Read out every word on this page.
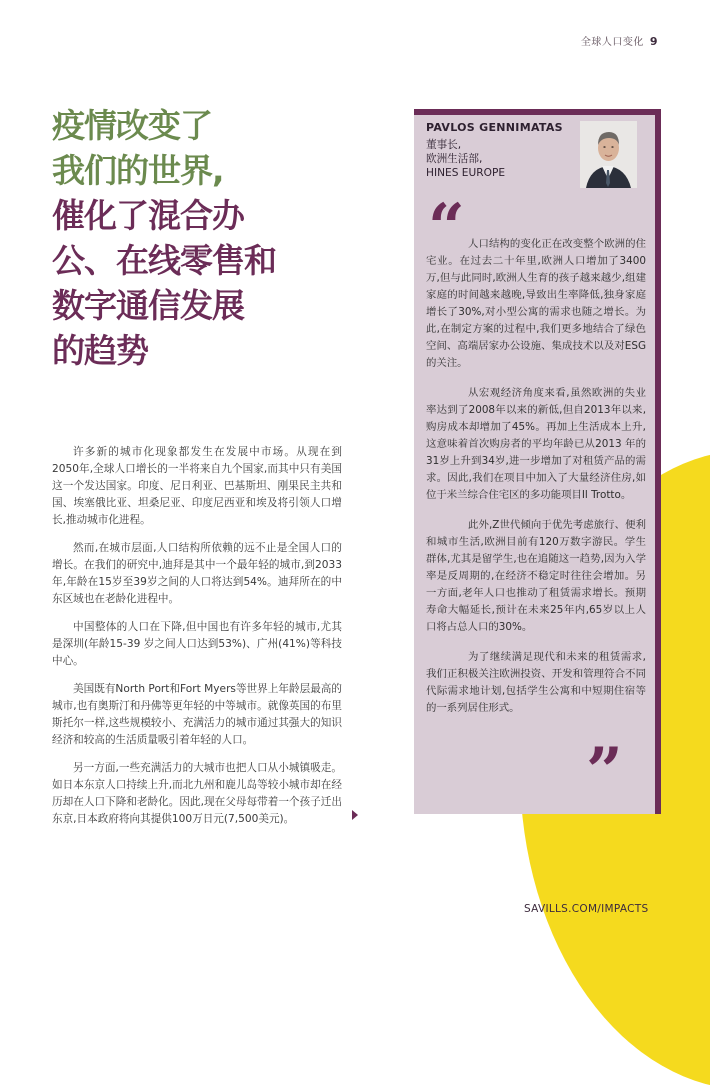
全球人口变化 9
疫情改变了
我们的世界,
催化了混合办
公、在线零售和
数字通信发展
的趋势

许多新的城市化现象都发生在发展中市场。从现在到2050年,全球人口增长的一半将来自九个国家,而其中只有美国这一个发达国家。印度、尼日利亚、巴基斯坦、刚果民主共和国、埃塞俄比亚、坦桑尼亚、印度尼西亚和埃及将引领人口增长,推动城市化进程。

然而,在城市层面,人口结构所依赖的远不止是全国人口的增长。在我们的研究中,迪拜是其中一个最年轻的城市,到2033年,年龄在15岁至39岁之间的人口将达到54%。迪拜所在的中东区域也在老龄化进程中。

中国整体的人口在下降,但中国也有许多年轻的城市,尤其是深圳(年龄15-39 岁之间人口达到53%)、广州(41%)等科技中心。

美国既有North Port和Fort Myers等世界上年龄层最高的城市,也有奥斯汀和丹佛等更年轻的中等城市。就像英国的布里斯托尔一样,这些规模较小、充满活力的城市通过其强大的知识经济和较高的生活质量吸引着年轻的人口。

另一方面,一些充满活力的大城市也把人口从小城镇吸走。如日本东京人口持续上升,而北九州和鹿儿岛等较小城市却在经历却在人口下降和老龄化。因此,现在父母每带着一个孩子迁出东京,日本政府将向其提供100万日元(7,500美元)。

PAVLOS GENNIMATAS
董事长,
欧洲生活部,
HINES EUROPE
“ 人口结构的变化正在改变整个欧洲的住宅业。在过去二十年里,欧洲人口增加了3400万,但与此同时,欧洲人生育的孩子越来越少,组建家庭的时间越来越晚,导致出生率降低,独身家庭增长了30%,对小型公寓的需求也随之增长。为此,在制定方案的过程中,我们更多地结合了绿色空间、高端居家办公设施、集成技术以及对ESG的关注。

从宏观经济角度来看,虽然欧洲的失业率达到了2008年以来的新低,但自2013年以来,购房成本却增加了45%。再加上生活成本上升,这意味着首次购房者的平均年龄已从2013 年的31岁上升到34岁,进一步增加了对租赁产品的需求。因此,我们在项目中加入了大量经济住房,如位于米兰综合住宅区的多功能项目Il Trotto。

此外,Z世代倾向于优先考虑旅行、便利和城市生活,欧洲目前有120万数字游民。学生群体,尤其是留学生,也在追随这一趋势,因为入学率是反周期的,在经济不稳定时往往会增加。另一方面,老年人口也推动了租赁需求增长。预期寿命大幅延长,预计在未来25年内,65岁以上人口将占总人口的30%。

为了继续满足现代和未来的租赁需求,我们正积极关注欧洲投资、开发和管理符合不同代际需求地计划,包括学生公寓和中短期住宿等的一系列居住形式。

”
SAVILLS.COM/IMPACTS
